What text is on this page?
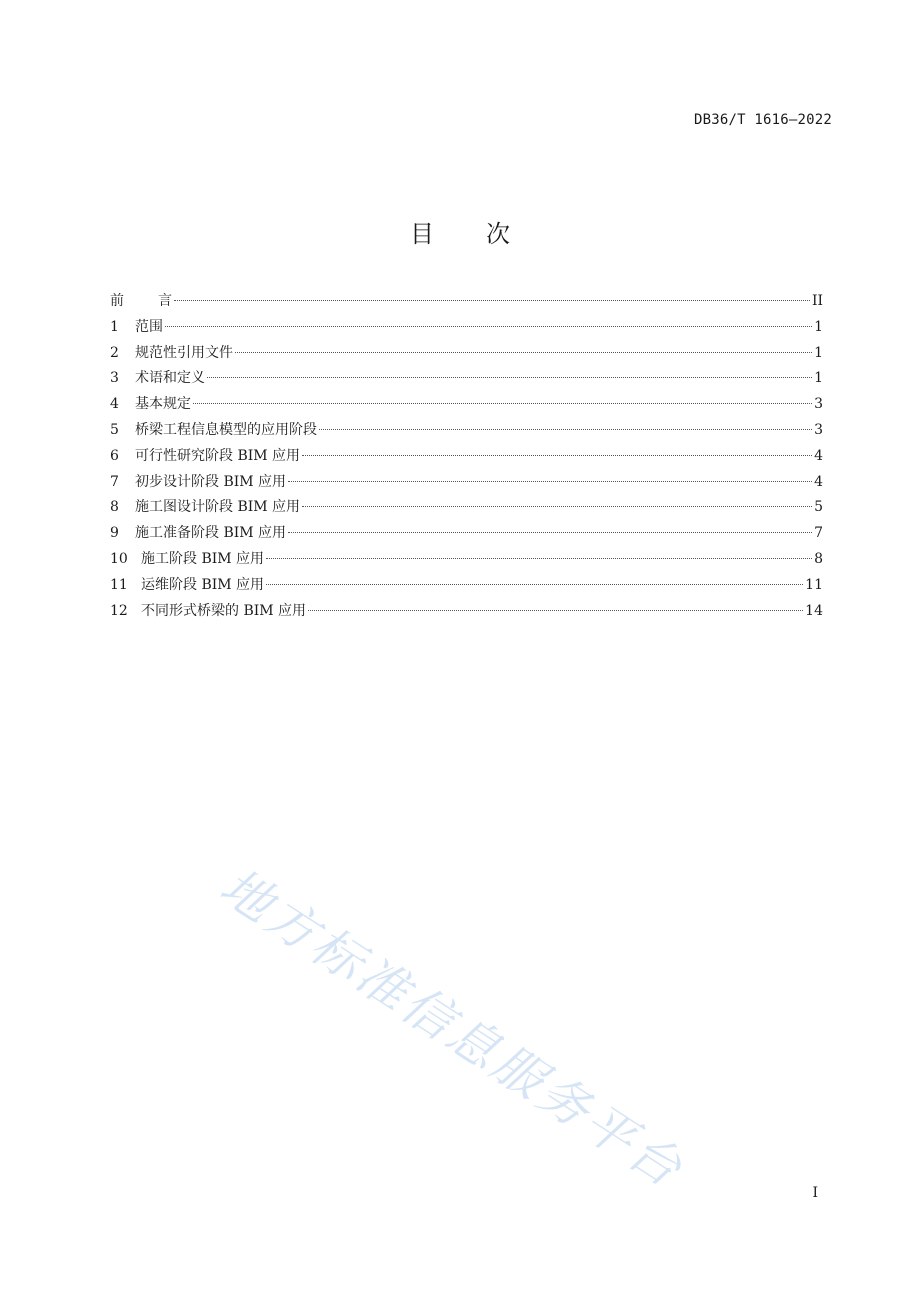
DB36/T 1616—2022
目 次
前言	II
1	范围	1
2	规范性引用文件	1
3	术语和定义	1
4	基本规定	3
5	桥梁工程信息模型的应用阶段	3
6	可行性研究阶段 BIM 应用	4
7	初步设计阶段 BIM 应用	4
8	施工图设计阶段 BIM 应用	5
9	施工准备阶段 BIM 应用	7
10 施工阶段 BIM 应用	8
11 运维阶段 BIM 应用	11
12 不同形式桥梁的 BIM 应用	14
地方标准信息服务平台	I
